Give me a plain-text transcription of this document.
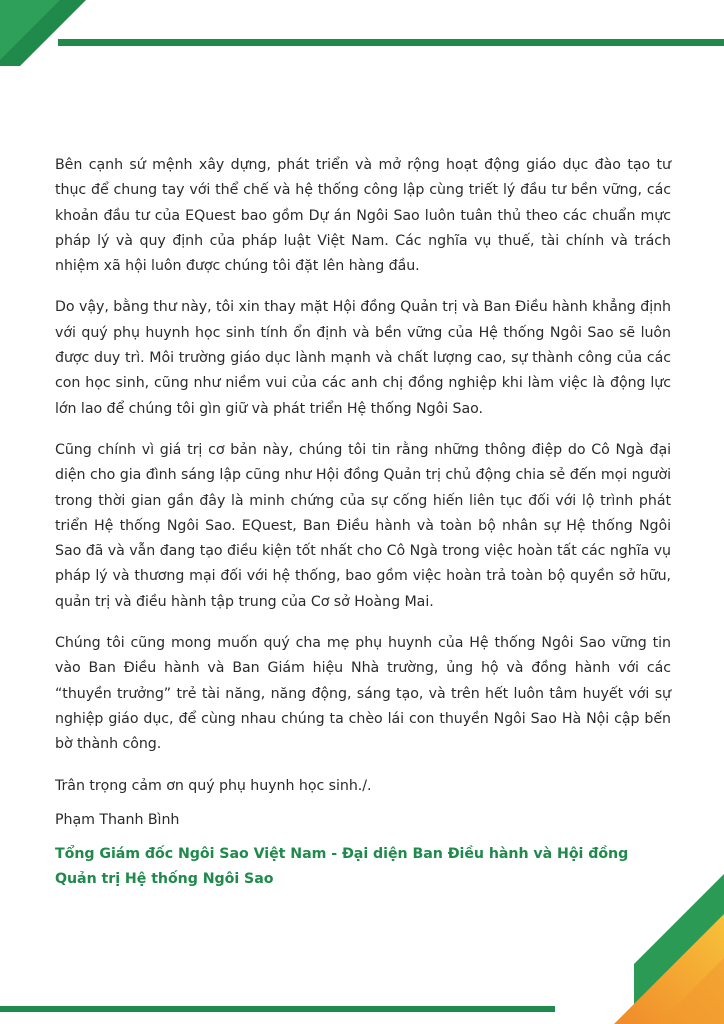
Bên cạnh sứ mệnh xây dựng, phát triển và mở rộng hoạt động giáo dục đào tạo tư thục để chung tay với thể chế và hệ thống công lập cùng triết lý đầu tư bền vững, các khoản đầu tư của EQuest bao gồm Dự án Ngôi Sao luôn tuân thủ theo các chuẩn mực pháp lý và quy định của pháp luật Việt Nam. Các nghĩa vụ thuế, tài chính và trách nhiệm xã hội luôn được chúng tôi đặt lên hàng đầu.

Do vậy, bằng thư này, tôi xin thay mặt Hội đồng Quản trị và Ban Điều hành khẳng định với quý phụ huynh học sinh tính ổn định và bền vững của Hệ thống Ngôi Sao sẽ luôn được duy trì. Môi trường giáo dục lành mạnh và chất lượng cao, sự thành công của các con học sinh, cũng như niềm vui của các anh chị đồng nghiệp khi làm việc là động lực lớn lao để chúng tôi gìn giữ và phát triển Hệ thống Ngôi Sao.

Cũng chính vì giá trị cơ bản này, chúng tôi tin rằng những thông điệp do Cô Ngà đại diện cho gia đình sáng lập cũng như Hội đồng Quản trị chủ động chia sẻ đến mọi người trong thời gian gần đây là minh chứng của sự cống hiến liên tục đối với lộ trình phát triển Hệ thống Ngôi Sao. EQuest, Ban Điều hành và toàn bộ nhân sự Hệ thống Ngôi Sao đã và vẫn đang tạo điều kiện tốt nhất cho Cô Ngà trong việc hoàn tất các nghĩa vụ pháp lý và thương mại đối với hệ thống, bao gồm việc hoàn trả toàn bộ quyền sở hữu, quản trị và điều hành tập trung của Cơ sở Hoàng Mai.

Chúng tôi cũng mong muốn quý cha mẹ phụ huynh của Hệ thống Ngôi Sao vững tin vào Ban Điều hành và Ban Giám hiệu Nhà trường, ủng hộ và đồng hành với các “thuyền trưởng” trẻ tài năng, năng động, sáng tạo, và trên hết luôn tâm huyết với sự nghiệp giáo dục, để cùng nhau chúng ta chèo lái con thuyền Ngôi Sao Hà Nội cập bến bờ thành công.

Trân trọng cảm ơn quý phụ huynh học sinh./.

Phạm Thanh Bình

Tổng Giám đốc Ngôi Sao Việt Nam - Đại diện Ban Điều hành và Hội đồng Quản trị Hệ thống Ngôi Sao
